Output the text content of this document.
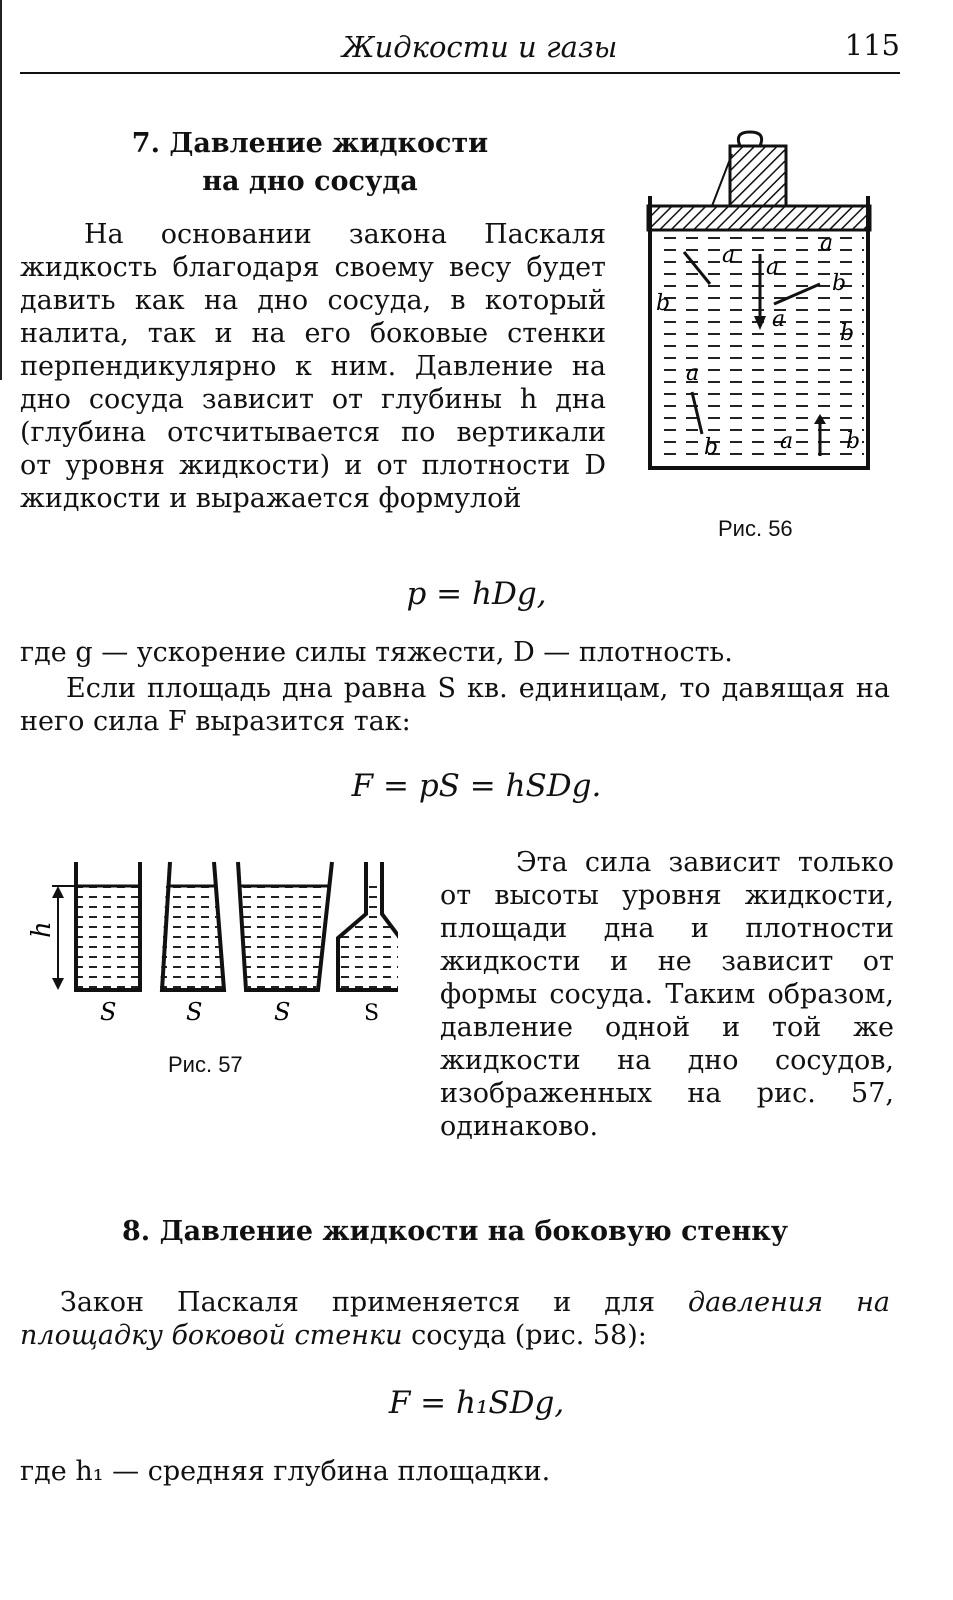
Жидкости и газы	115
7. Давление жидкости
на дно сосуда

На основании закона Паскаля жидкость благодаря своему весу будет давить как на дно сосуда, в который налита, так и на его боковые стенки перпендикулярно к ним. Давление на дно сосуда зависит от глубины h дна (глубина отсчитывается по вертикали от уровня жидкости) и от плотности D жидкости и выражается формулой

a
b
a
b
a
a
b	a b
a
b
Рис. 56
p = hDg,

где g — ускорение силы тяжести, D — плотность.

Если площадь дна равна S кв. единицам, то давящая на него сила F выразится так:

F = pS = hSDg.
h
S	S	S	S
Рис. 57

Эта сила зависит только от высоты уровня жидкости, площади дна и плотности жидкости и не зависит от формы сосуда. Таким образом, давление одной и той же жидкости на дно сосудов, изображенных на рис. 57, одинаково.

8. Давление жидкости на боковую стенку

Закон Паскаля применяется и для давления на площадку боковой стенки сосуда (рис. 58):

F = h₁SDg,

где h₁ — средняя глубина площадки.
